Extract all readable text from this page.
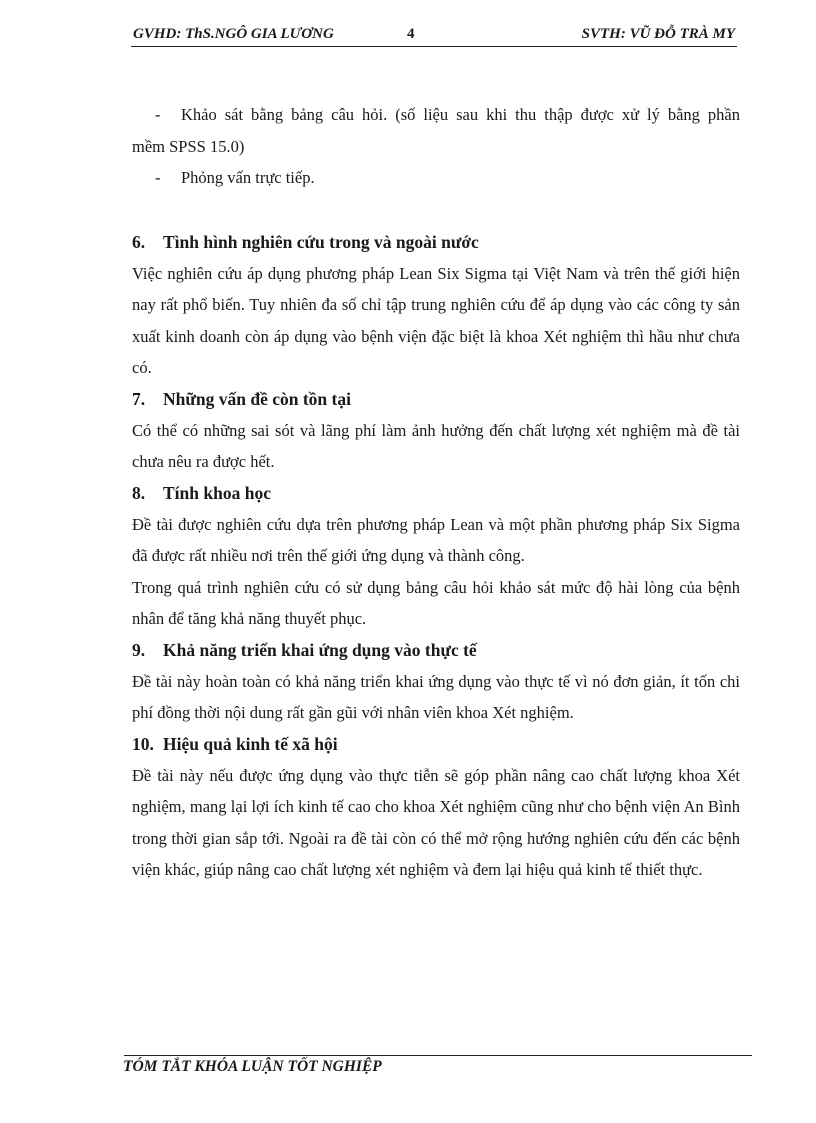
GVHD: ThS.NGÔ GIA LƯƠNG	4	SVTH: VŨ ĐỖ TRÀ MY
-	Khảo sát bằng bảng câu hỏi. (số liệu sau khi thu thập được xử lý bằng phần

mềm SPSS 15.0)

-	Phỏng vấn trực tiếp.
6.	Tình hình nghiên cứu trong và ngoài nước

Việc nghiên cứu áp dụng phương pháp Lean Six Sigma tại Việt Nam và trên thế giới hiện nay rất phổ biến. Tuy nhiên đa số chỉ tập trung nghiên cứu để áp dụng vào các công ty sản xuất kinh doanh còn áp dụng vào bệnh viện đặc biệt là khoa Xét nghiệm thì hầu như chưa có.

7.	Những vấn đề còn tồn tại

Có thể có những sai sót và lãng phí làm ảnh hưởng đến chất lượng xét nghiệm mà đề tài chưa nêu ra được hết.

8.	Tính khoa học

Đề tài được nghiên cứu dựa trên phương pháp Lean và một phần phương pháp Six Sigma đã được rất nhiều nơi trên thế giới ứng dụng và thành công.

Trong quá trình nghiên cứu có sử dụng bảng câu hỏi khảo sát mức độ hài lòng của bệnh nhân để tăng khả năng thuyết phục.

9.	Khả năng triển khai ứng dụng vào thực tế

Đề tài này hoàn toàn có khả năng triển khai ứng dụng vào thực tế vì nó đơn giản, ít tốn chi phí đồng thời nội dung rất gần gũi với nhân viên khoa Xét nghiệm.

10. Hiệu quả kinh tế xã hội

Đề tài này nếu được ứng dụng vào thực tiễn sẽ góp phần nâng cao chất lượng khoa Xét nghiệm, mang lại lợi ích kinh tế cao cho khoa Xét nghiệm cũng như cho bệnh viện An Bình trong thời gian sắp tới. Ngoài ra đề tài còn có thể mở rộng hướng nghiên cứu đến các bệnh viện khác, giúp nâng cao chất lượng xét nghiệm và đem lại hiệu quả kinh tế thiết thực.

TÓM TẮT KHÓA LUẬN TỐT NGHIỆP
